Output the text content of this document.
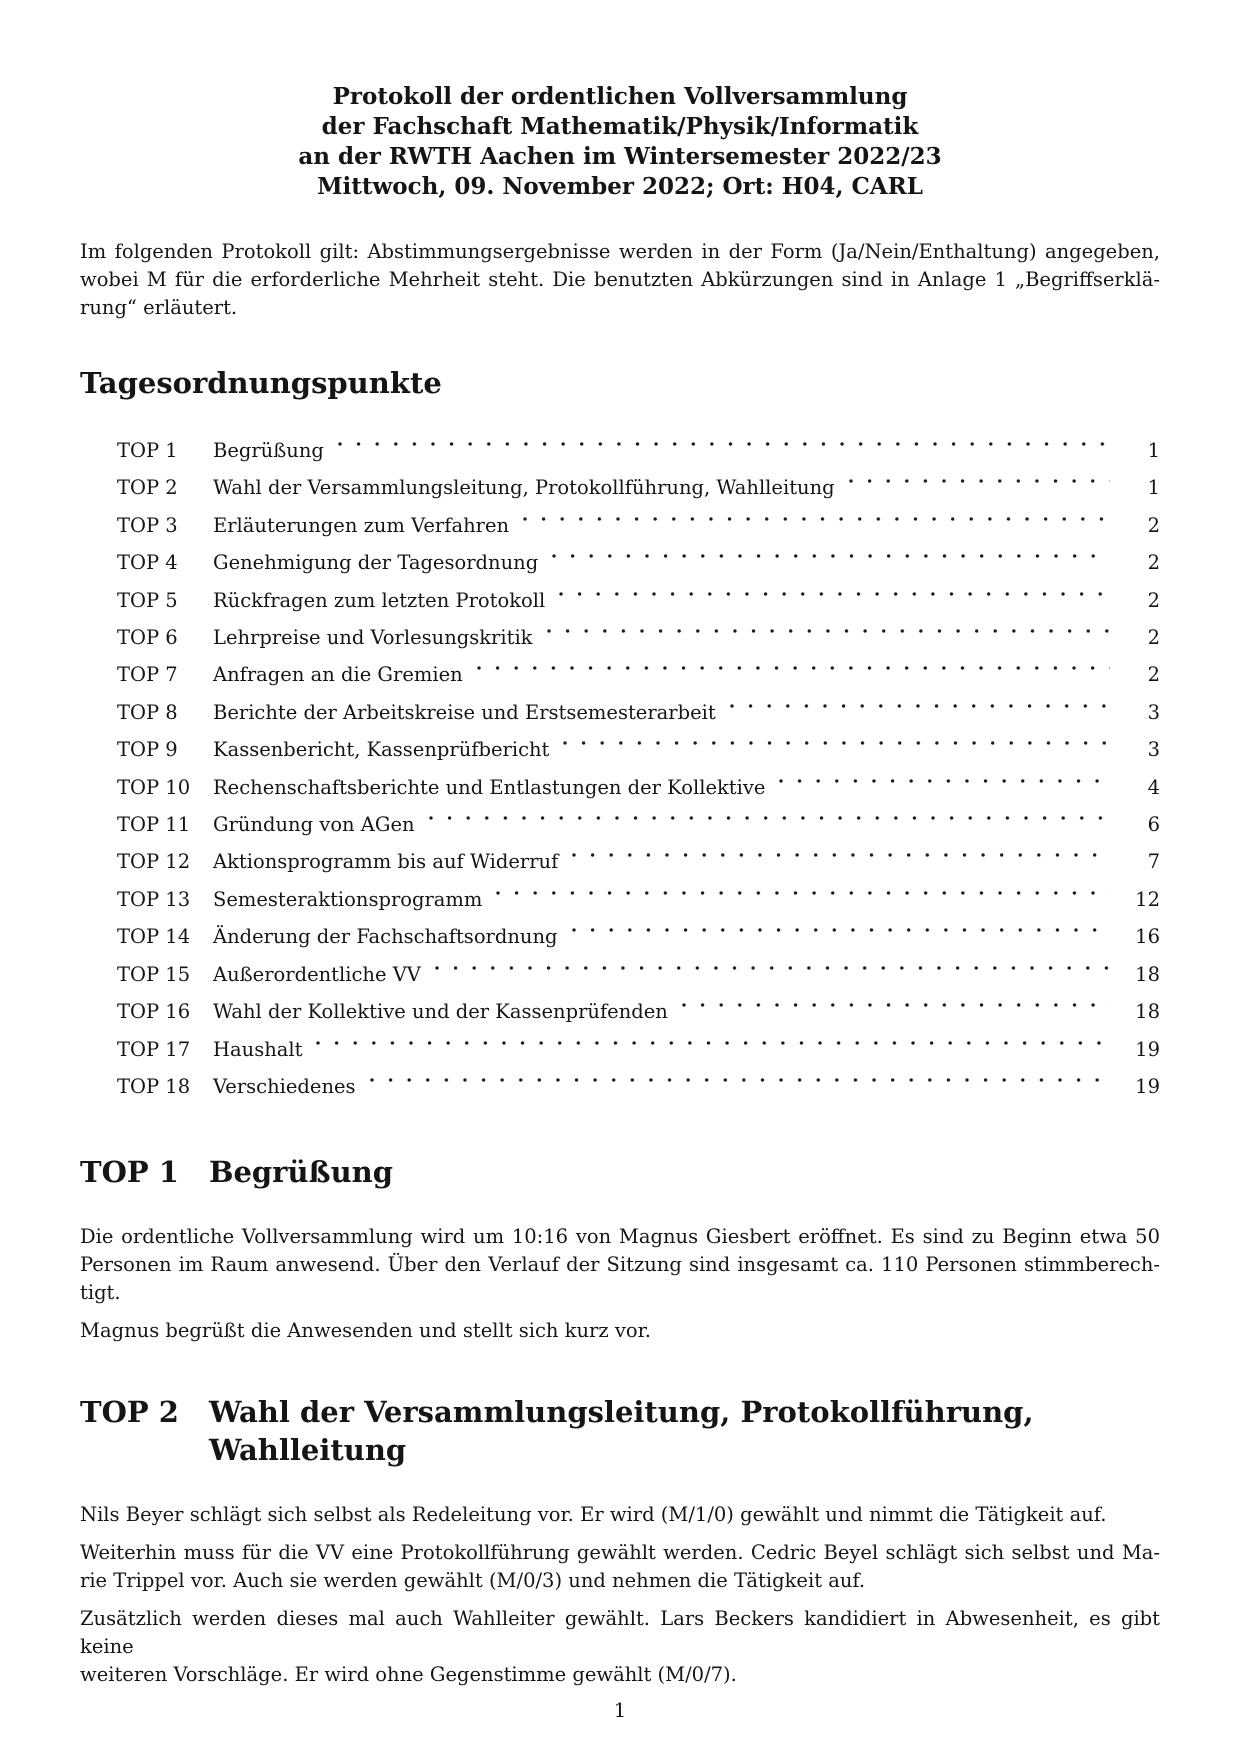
Protokoll der ordentlichen Vollversammlung
der Fachschaft Mathematik/Physik/Informatik
an der RWTH Aachen im Wintersemester 2022/23
Mittwoch, 09. November 2022; Ort: H04, CARL
Im folgenden Protokoll gilt: Abstimmungsergebnisse werden in der Form (Ja/Nein/Enthaltung) angegeben,
wobei M für die erforderliche Mehrheit steht. Die benutzten Abkürzungen sind in Anlage 1 „Begriffserklä-
rung“ erläutert.
Tagesordnungspunkte
TOP 1	Begrüßung	1
TOP 2	Wahl der Versammlungsleitung, Protokollführung, Wahlleitung	1
TOP 3	Erläuterungen zum Verfahren	2
TOP 4	Genehmigung der Tagesordnung	2
TOP 5	Rückfragen zum letzten Protokoll	2
TOP 6	Lehrpreise und Vorlesungskritik	2
TOP 7	Anfragen an die Gremien	2
TOP 8	Berichte der Arbeitskreise und Erstsemesterarbeit	3
TOP 9	Kassenbericht, Kassenprüfbericht	3
TOP 10	Rechenschaftsberichte und Entlastungen der Kollektive	4
TOP 11	Gründung von AGen	6
TOP 12	Aktionsprogramm bis auf Widerruf	7
TOP 13	Semesteraktionsprogramm	12
TOP 14	Änderung der Fachschaftsordnung	16
TOP 15	Außerordentliche VV	18
TOP 16	Wahl der Kollektive und der Kassenprüfenden	18
TOP 17	Haushalt	19
TOP 18	Verschiedenes	19
TOP 1 Begrüßung
Die ordentliche Vollversammlung wird um 10:16 von Magnus Giesbert eröffnet. Es sind zu Beginn etwa 50
Personen im Raum anwesend. Über den Verlauf der Sitzung sind insgesamt ca. 110 Personen stimmberech-
tigt.
Magnus begrüßt die Anwesenden und stellt sich kurz vor.
TOP 2 Wahl der Versammlungsleitung, Protokollführung, Wahlleitung
Nils Beyer schlägt sich selbst als Redeleitung vor. Er wird (M/1/0) gewählt und nimmt die Tätigkeit auf.
Weiterhin muss für die VV eine Protokollführung gewählt werden. Cedric Beyel schlägt sich selbst und Ma-
rie Trippel vor. Auch sie werden gewählt (M/0/3) und nehmen die Tätigkeit auf.
Zusätzlich werden dieses mal auch Wahlleiter gewählt. Lars Beckers kandidiert in Abwesenheit, es gibt keine
weiteren Vorschläge. Er wird ohne Gegenstimme gewählt (M/0/7).
1
